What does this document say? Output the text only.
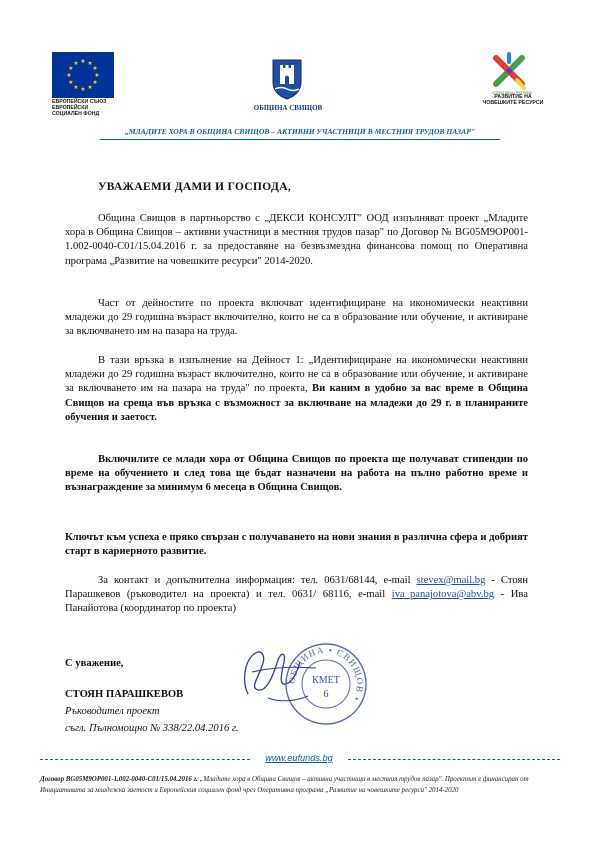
★ ★
★
★
★
★
★
★
★
★
★
★
ЕВРОПЕЙСКИ СЪЮЗ
ЕВРОПЕЙСКИ
СОЦИАЛЕН ФОНД
ОБЩИНА СВИЩОВ
ОПЕРАТИВНА ПРОГРАМА
РАЗВИТИЕ НА
ЧОВЕШКИТЕ РЕСУРСИ
„МЛАДИТЕ ХОРА В ОБЩИНА СВИЩОВ – АКТИВНИ УЧАСТНИЦИ В МЕСТНИЯ ТРУДОВ ПАЗАР"
УВАЖАЕМИ ДАМИ И ГОСПОДА,

Община Свищов в партньорство с „ДЕКСИ КОНСУЛТ" ООД изпълняват проект „Младите хора в Община Свищов – активни участници в местния трудов пазар" по Договор № BG05M9OP001-1.002-0040-C01/15.04.2016 г. за предоставяне на безвъзмездна финансова помощ по Оперативна програма „Развитие на човешките ресурси" 2014-2020.

Част от дейностите по проекта включват идентифициране на икономически неактивни младежи до 29 годишна възраст включително, които не са в образование или обучение, и активиране за включването им на пазара на труда.

В тази връзка в изпълнение на Дейност 1: „Идентифициране на икономически неактивни младежи до 29 годишна възраст включително, които не са в образование или обучение, и активиране за включването им на пазара на труда" по проекта, Ви каним в удобно за вас време в Община Свищов на среща във връзка с възможност за включване на младежи до 29 г. в планираните обучения и заетост.

Включилите се млади хора от Община Свищов по проекта ще получават стипендии по време на обучението и след това ще бъдат назначени на работа на пълно работно време и възнаграждение за минимум 6 месеца в Община Свищов.

Ключът към успеха е пряко свързан с получаването на нови знания в различна сфера и добрият старт в кариерното развитие.

За контакт и допълнителна информация: тел. 0631/68144, e-mail stevex@mail.bg - Стоян Парашкевов (ръководител на проекта) и тел. 0631/ 68116, e-mail iva_panajotova@abv.bg - Ива Панайотова (координатор по проекта)

С уважение,
СТОЯН ПАРАШКЕВОВ
Ръководител проект
съгл. Пълномощно № 338/22.04.2016 г.
ОБЩИНА • СВИЩОВ •
КМЕТ
6
www.eufunds.bg
Договор BG05M9OP001-1.002-0040-C01/15.04.2016 г. „Младите хора в Община Свищов – активни участници в местния трудов пазар". Проектът е финансиран от Инициативата за младежка заетост и Европейския социален фонд чрез Оперативна програма „Развитие на човешките ресурси" 2014-2020
